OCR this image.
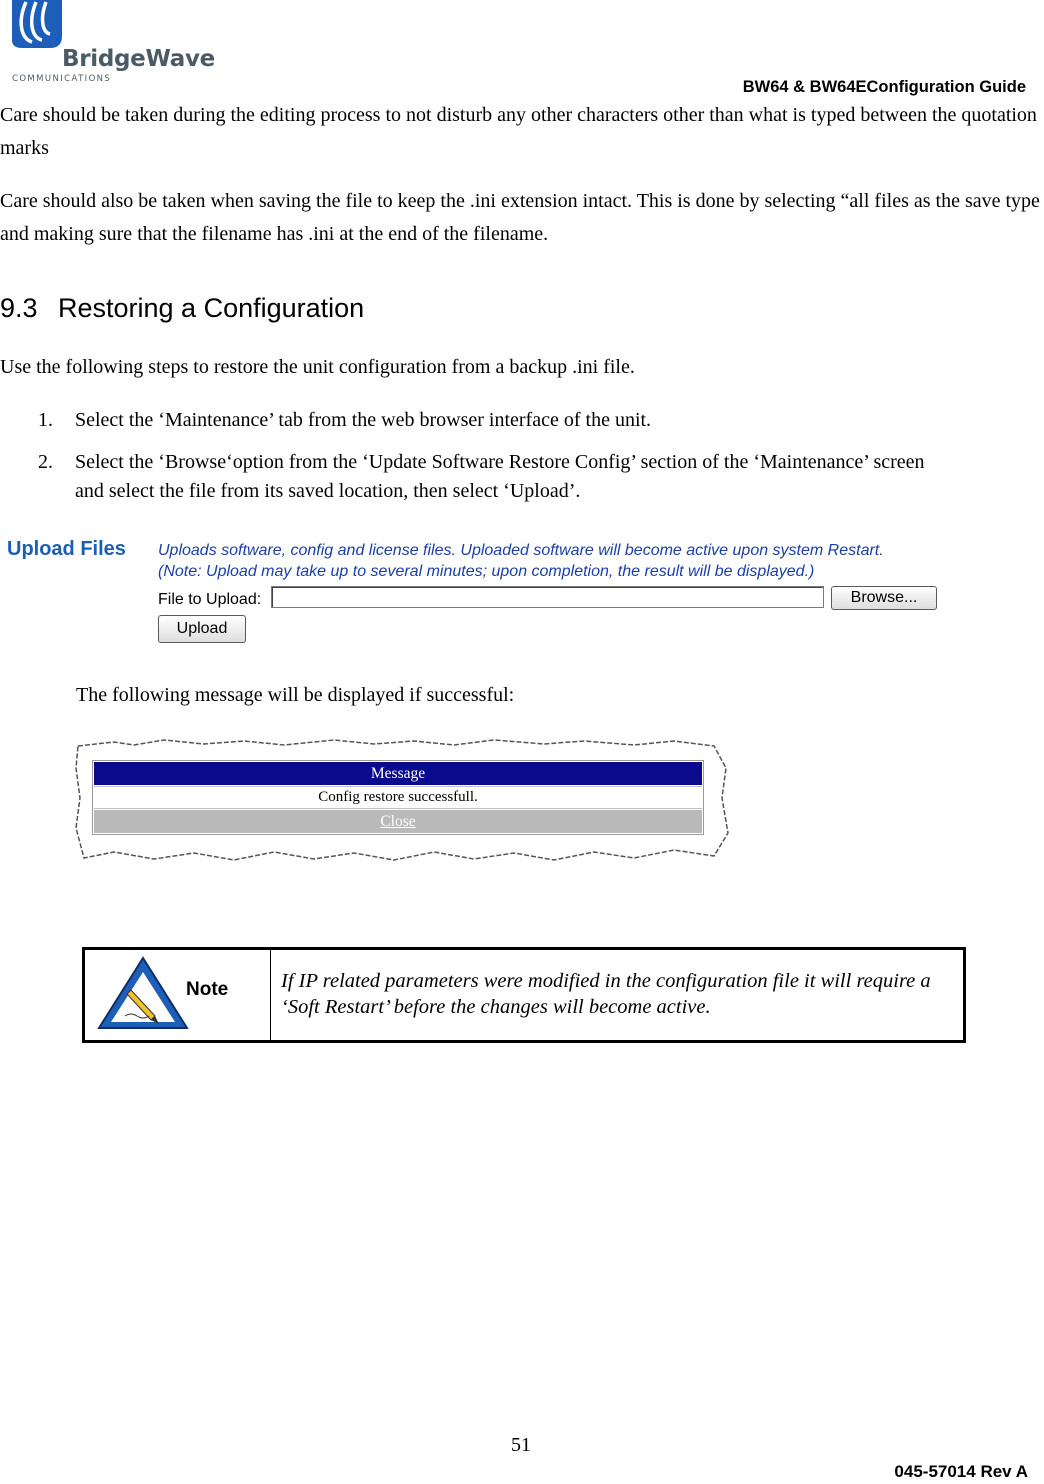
BridgeWave
COMMUNICATIONS	BW64 & BW64EConfiguration Guide
Care should be taken during the editing process to not disturb any other characters other than what is typed between the quotation marks
Care should also be taken when saving the file to keep the .ini extension intact. This is done by selecting “all files as the save type and making sure that the filename has .ini at the end of the filename.
9.3 Restoring a Configuration
Use the following steps to restore the unit configuration from a backup .ini file.
1. Select the ‘Maintenance’ tab from the web browser interface of the unit.
2. Select the ‘Browse‘option from the ‘Update Software Restore Config’ section of the ‘Maintenance’ screen and select the file from its saved location, then select ‘Upload’.
Upload Files Uploads software, config and license files. Uploaded software will become active upon system Restart.
(Note: Upload may take up to several minutes; upon completion, the result will be displayed.)
File to Upload:	Browse...
Upload
The following message will be displayed if successful:
Message
Config restore successfull.
Close
Note	If IP related parameters were modified in the configuration file it will require a ‘Soft Restart’ before the changes will become active.
51
045-57014 Rev A
